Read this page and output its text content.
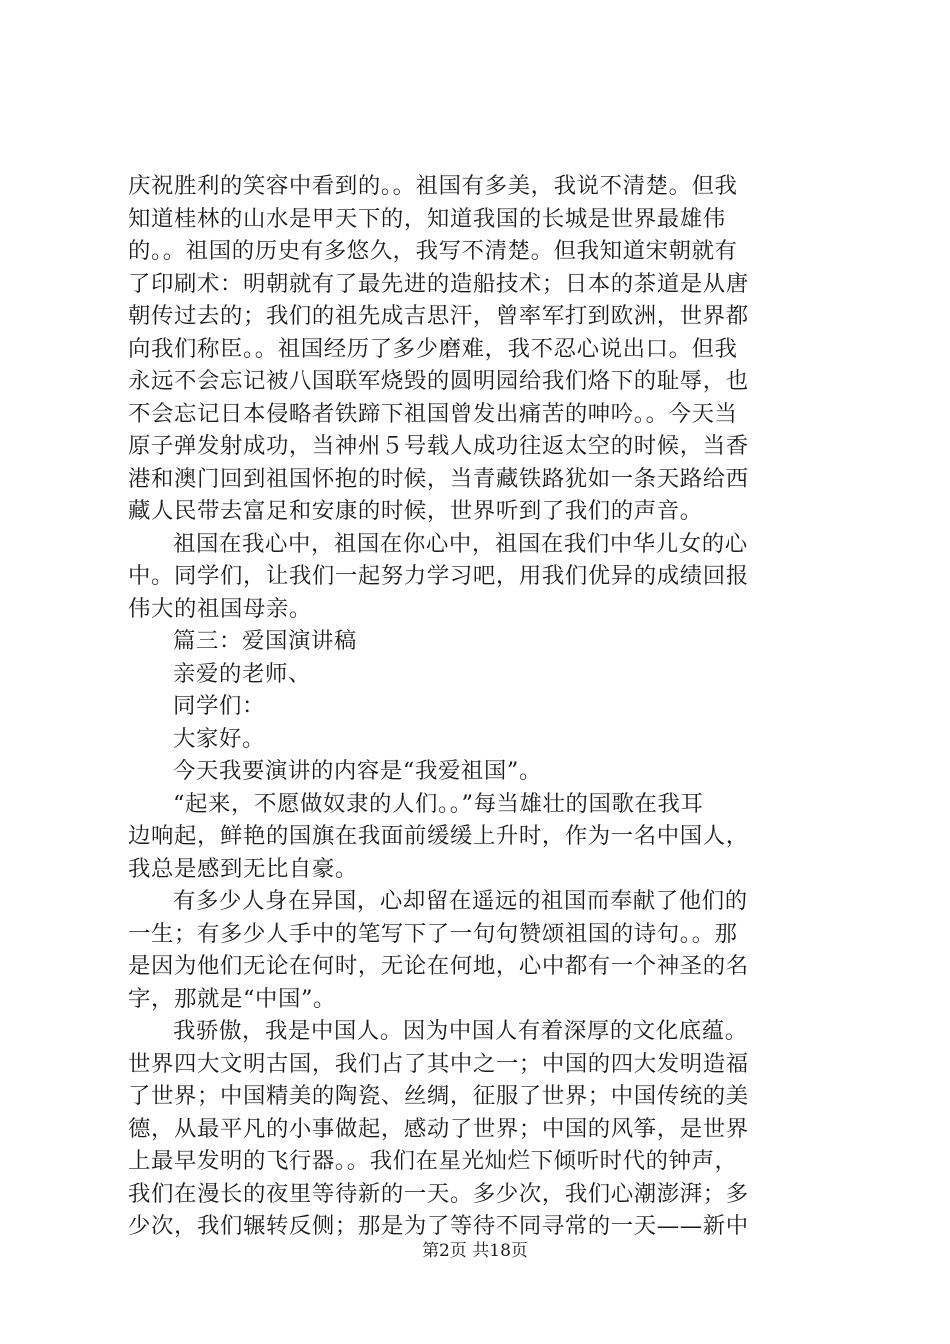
庆祝胜利的笑容中看到的。。祖国有多美，我说不清楚。但我
知道桂林的山水是甲天下的，知道我国的长城是世界最雄伟
的。。祖国的历史有多悠久，我写不清楚。但我知道宋朝就有
了印刷术：明朝就有了最先进的造船技术；日本的茶道是从唐
朝传过去的；我们的祖先成吉思汗，曾率军打到欧洲，世界都
向我们称臣。。祖国经历了多少磨难，我不忍心说出口。但我
永远不会忘记被八国联军烧毁的圆明园给我们烙下的耻辱，也
不会忘记日本侵略者铁蹄下祖国曾发出痛苦的呻吟。。今天当
原子弹发射成功，当神州５号载人成功往返太空的时候，当香
港和澳门回到祖国怀抱的时候，当青藏铁路犹如一条天路给西
藏人民带去富足和安康的时候，世界听到了我们的声音。
祖国在我心中，祖国在你心中，祖国在我们中华儿女的心
中。同学们，让我们一起努力学习吧，用我们优异的成绩回报
伟大的祖国母亲。
篇三：爱国演讲稿
亲爱的老师、
同学们：
大家好。
今天我要演讲的内容是“我爱祖国”。
“起来，不愿做奴隶的人们。。”每当雄壮的国歌在我耳
边响起，鲜艳的国旗在我面前缓缓上升时，作为一名中国人，
我总是感到无比自豪。
有多少人身在异国，心却留在遥远的祖国而奉献了他们的
一生；有多少人手中的笔写下了一句句赞颂祖国的诗句。。那
是因为他们无论在何时，无论在何地，心中都有一个神圣的名
字，那就是“中国”。
我骄傲，我是中国人。因为中国人有着深厚的文化底蕴。
世界四大文明古国，我们占了其中之一；中国的四大发明造福
了世界；中国精美的陶瓷、丝绸，征服了世界；中国传统的美
德，从最平凡的小事做起，感动了世界；中国的风筝，是世界
上最早发明的飞行器。。我们在星光灿烂下倾听时代的钟声，
我们在漫长的夜里等待新的一天。多少次，我们心潮澎湃；多
少次，我们辗转反侧；那是为了等待不同寻常的一天——新中
第2页 共18页
